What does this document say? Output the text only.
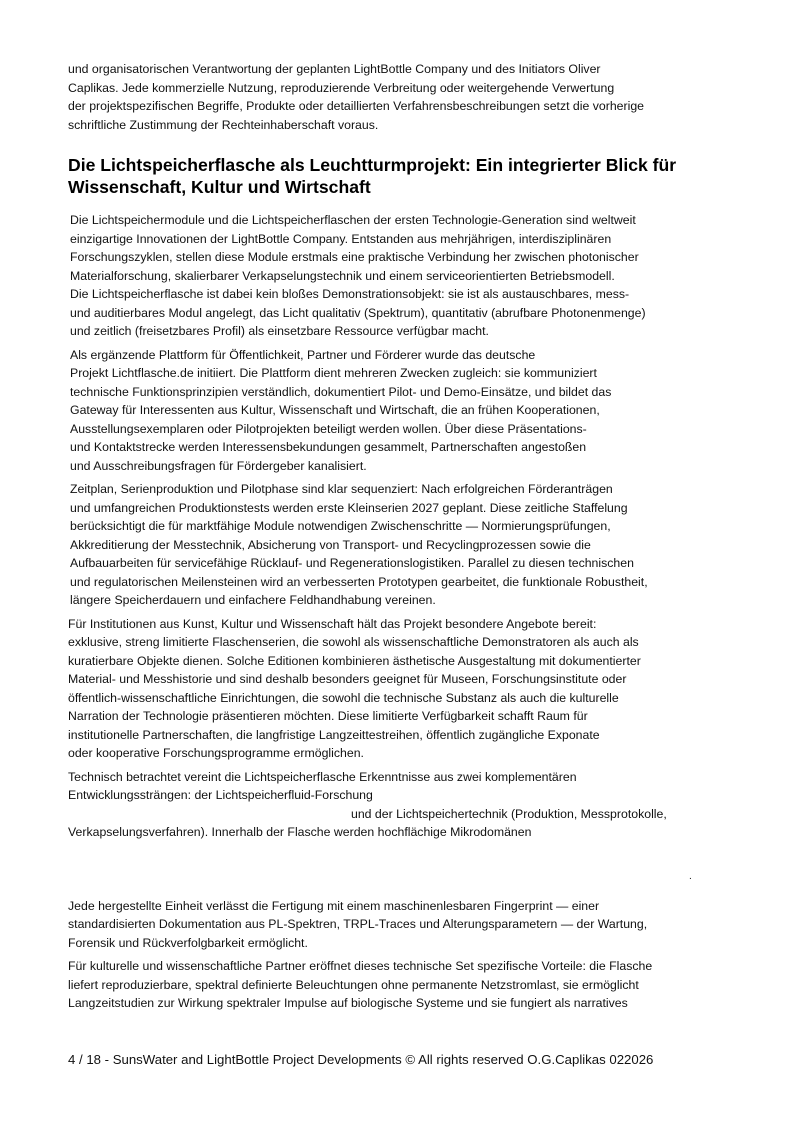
und organisatorischen Verantwortung der geplanten LightBottle Company und des Initiators Oliver
Caplikas. Jede kommerzielle Nutzung, reproduzierende Verbreitung oder weitergehende Verwertung
der projektspezifischen Begriffe, Produkte oder detaillierten Verfahrensbeschreibungen setzt die vorherige
schriftliche Zustimmung der Rechteinhaberschaft voraus.

Die Lichtspeicherflasche als Leuchtturmprojekt: Ein integrierter Blick für
Wissenschaft, Kultur und Wirtschaft

Die Lichtspeichermodule und die Lichtspeicherflaschen der ersten Technologie-Generation sind weltweit
einzigartige Innovationen der LightBottle Company. Entstanden aus mehrjährigen, interdisziplinären
Forschungszyklen, stellen diese Module erstmals eine praktische Verbindung her zwischen photonischer
Materialforschung, skalierbarer Verkapselungstechnik und einem serviceorientierten Betriebsmodell.
Die Lichtspeicherflasche ist dabei kein bloßes Demonstrationsobjekt: sie ist als austauschbares, mess-
und auditierbares Modul angelegt, das Licht qualitativ (Spektrum), quantitativ (abrufbare Photonenmenge)
und zeitlich (freisetzbares Profil) als einsetzbare Ressource verfügbar macht.

Als ergänzende Plattform für Öffentlichkeit, Partner und Förderer wurde das deutsche
Projekt Lichtflasche.de initiiert. Die Plattform dient mehreren Zwecken zugleich: sie kommuniziert
technische Funktionsprinzipien verständlich, dokumentiert Pilot- und Demo-Einsätze, und bildet das
Gateway für Interessenten aus Kultur, Wissenschaft und Wirtschaft, die an frühen Kooperationen,
Ausstellungsexemplaren oder Pilotprojekten beteiligt werden wollen. Über diese Präsentations-
und Kontaktstrecke werden Interessensbekundungen gesammelt, Partnerschaften angestoßen
und Ausschreibungsfragen für Fördergeber kanalisiert.

Zeitplan, Serienproduktion und Pilotphase sind klar sequenziert: Nach erfolgreichen Förderanträgen
und umfangreichen Produktionstests werden erste Kleinserien 2027 geplant. Diese zeitliche Staffelung
berücksichtigt die für marktfähige Module notwendigen Zwischenschritte — Normierungsprüfungen,
Akkreditierung der Messtechnik, Absicherung von Transport- und Recyclingprozessen sowie die
Aufbauarbeiten für servicefähige Rücklauf- und Regenerationslogistiken. Parallel zu diesen technischen
und regulatorischen Meilensteinen wird an verbesserten Prototypen gearbeitet, die funktionale Robustheit,
längere Speicherdauern und einfachere Feldhandhabung vereinen.

Für Institutionen aus Kunst, Kultur und Wissenschaft hält das Projekt besondere Angebote bereit:
exklusive, streng limitierte Flaschenserien, die sowohl als wissenschaftliche Demonstratoren als auch als
kuratierbare Objekte dienen. Solche Editionen kombinieren ästhetische Ausgestaltung mit dokumentierter
Material- und Messhistorie und sind deshalb besonders geeignet für Museen, Forschungsinstitute oder
öffentlich-wissenschaftliche Einrichtungen, die sowohl die technische Substanz als auch die kulturelle
Narration der Technologie präsentieren möchten. Diese limitierte Verfügbarkeit schafft Raum für
institutionelle Partnerschaften, die langfristige Langzeittestreihen, öffentlich zugängliche Exponate
oder kooperative Forschungsprogramme ermöglichen.

Technisch betrachtet vereint die Lichtspeicherflasche Erkenntnisse aus zwei komplementären
Entwicklungssträngen: der Lichtspeicherfluid-Forschung
und der Lichtspeichertechnik (Produktion, Messprotokolle,
Verkapselungsverfahren). Innerhalb der Flasche werden hochflächige Mikrodomänen

.

Jede hergestellte Einheit verlässt die Fertigung mit einem maschinenlesbaren Fingerprint — einer
standardisierten Dokumentation aus PL-Spektren, TRPL-Traces und Alterungsparametern — der Wartung,
Forensik und Rückverfolgbarkeit ermöglicht.

Für kulturelle und wissenschaftliche Partner eröffnet dieses technische Set spezifische Vorteile: die Flasche
liefert reproduzierbare, spektral definierte Beleuchtungen ohne permanente Netzstromlast, sie ermöglicht
Langzeitstudien zur Wirkung spektraler Impulse auf biologische Systeme und sie fungiert als narratives

4 / 18 - SunsWater and LightBottle Project Developments © All rights reserved O.G.Caplikas 022026
